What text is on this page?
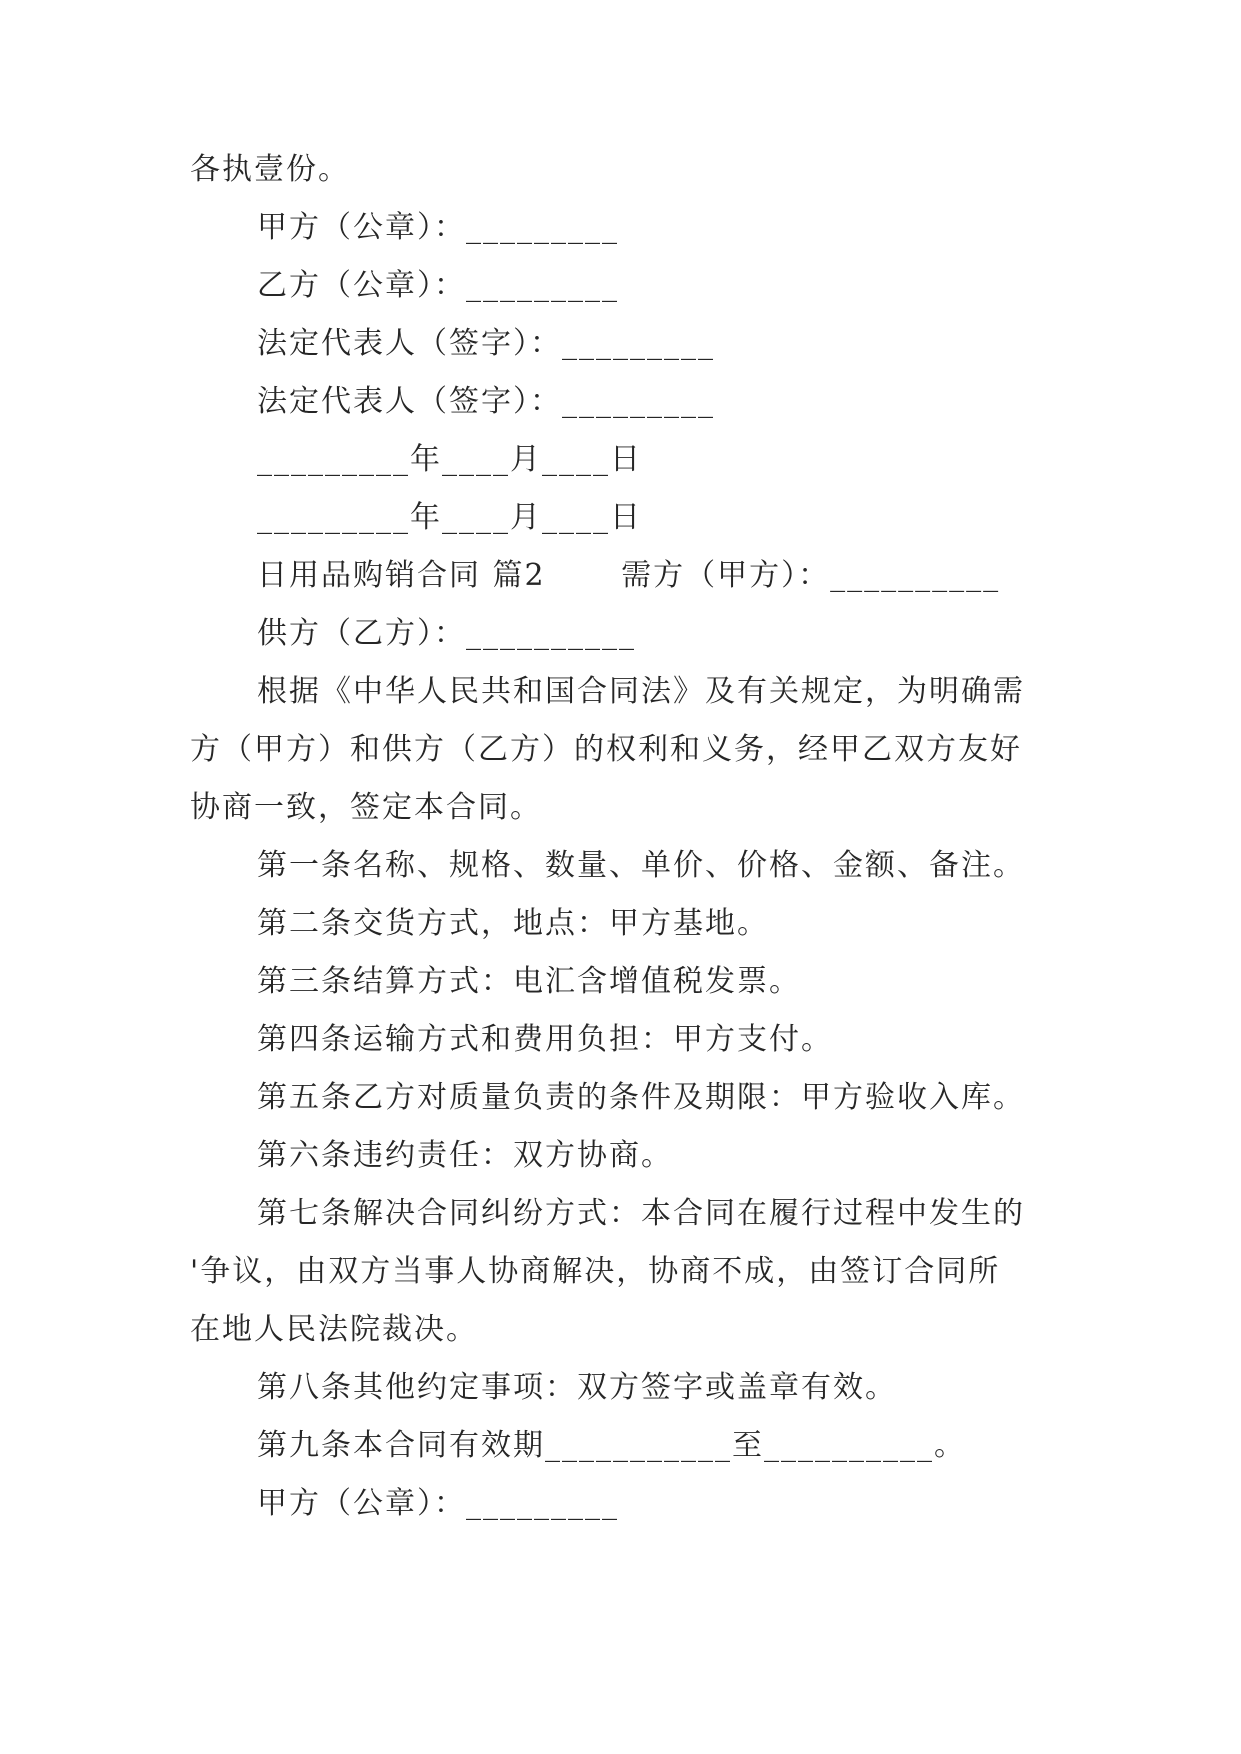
各执壹份。
甲方（公章）：_________
乙方（公章）：_________
法定代表人（签字）：_________
法定代表人（签字）：_________
_________年____月____日
_________年____月____日
日用品购销合同 篇2 　　需方（甲方）：__________
供方（乙方）：__________
根据《中华人民共和国合同法》及有关规定，为明确需
方（甲方）和供方（乙方）的权利和义务，经甲乙双方友好
协商一致，签定本合同。
第一条名称、规格、数量、单价、价格、金额、备注。
第二条交货方式，地点：甲方基地。
第三条结算方式：电汇含增值税发票。
第四条运输方式和费用负担：甲方支付。
第五条乙方对质量负责的条件及期限：甲方验收入库。
第六条违约责任：双方协商。
第七条解决合同纠纷方式：本合同在履行过程中发生的
'争议，由双方当事人协商解决，协商不成，由签订合同所
在地人民法院裁决。
第八条其他约定事项：双方签字或盖章有效。
第九条本合同有效期___________至__________。
甲方（公章）：_________
